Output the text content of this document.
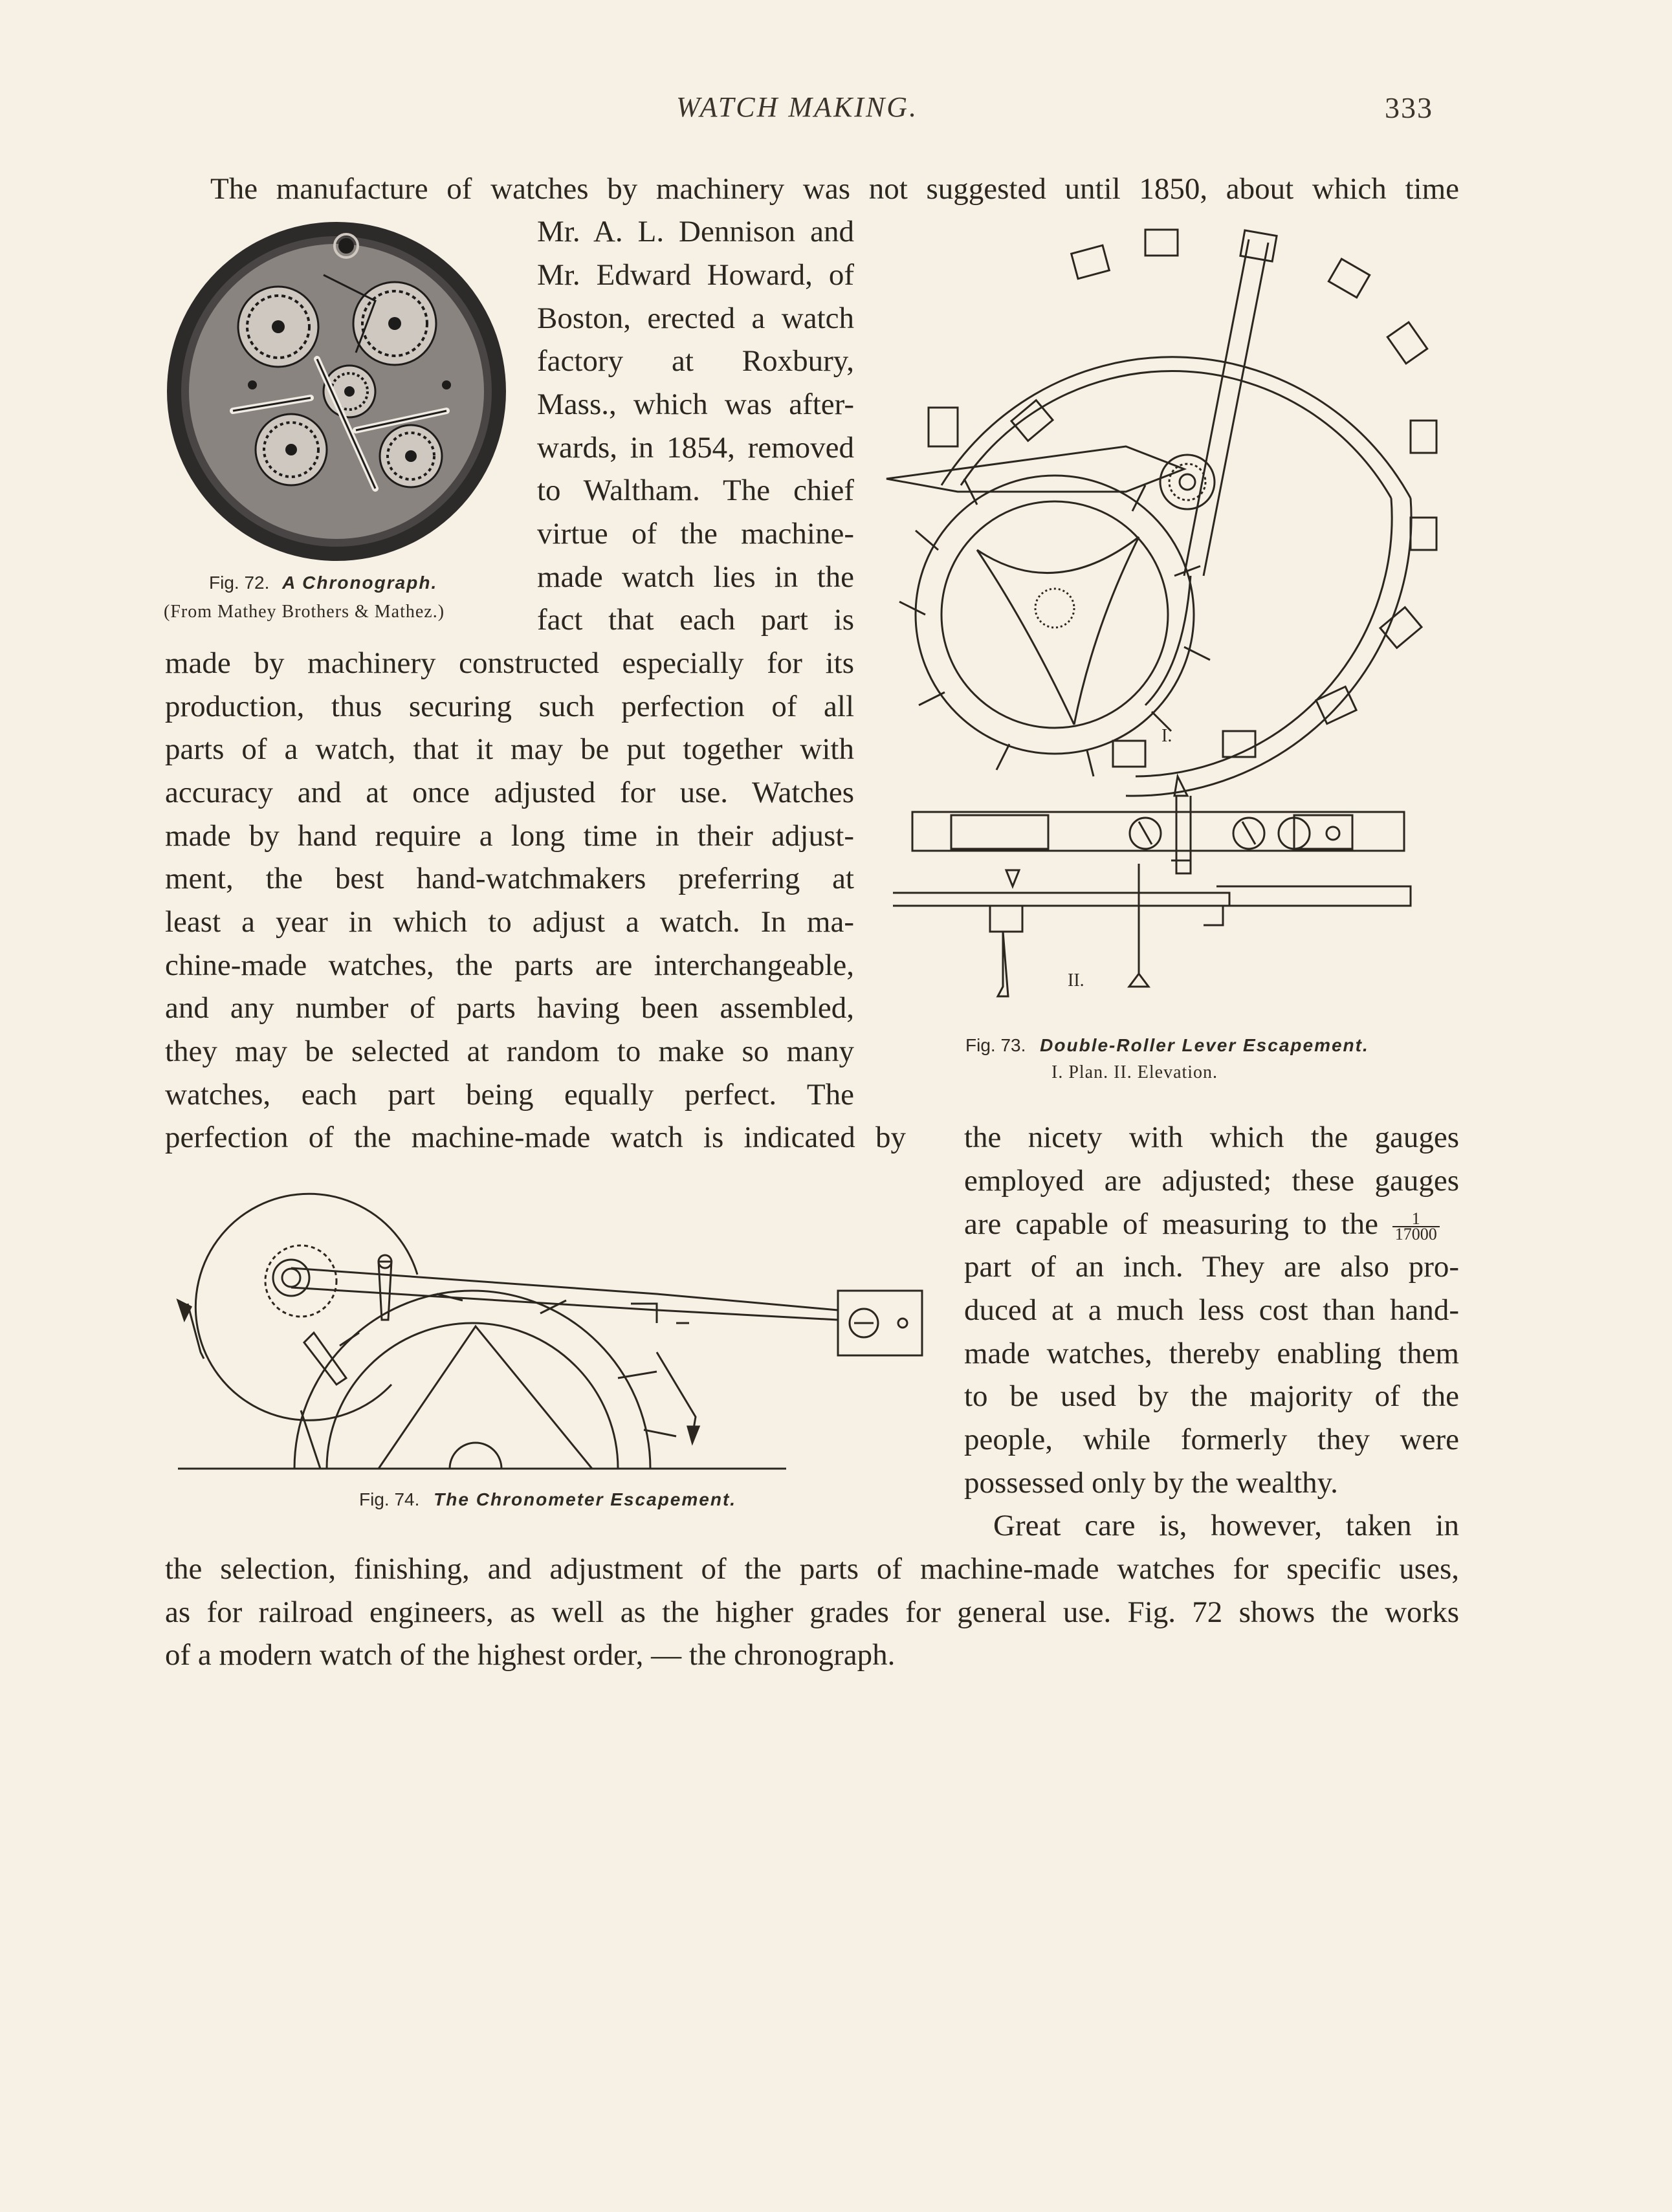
WATCH MAKING.	333
The manufacture of watches by machinery was not suggested until 1850, about which time
Mr. A. L. Dennison and
Mr. Edward Howard, of
Boston, erected a watch
factory at Roxbury,
Mass., which was after-
wards, in 1854, removed
to Waltham. The chief
virtue of the machine-
made watch lies in the
fact that each part is
made by machinery constructed especially for its
production, thus securing such perfection of all
parts of a watch, that it may be put together with
accuracy and at once adjusted for use. Watches
made by hand require a long time in their adjust-
ment, the best hand-watchmakers preferring at
least a year in which to adjust a watch. In ma-
chine-made watches, the parts are interchangeable,
and any number of parts having been assembled,
they may be selected at random to make so many
watches, each part being equally perfect. The
perfection of the machine-made watch is indicated by the nicety with which the gauges
employed are adjusted; these gauges
are capable of measuring to the $\frac{1}{17000}$
part of an inch. They are also pro-
duced at a much less cost than hand-
made watches, thereby enabling them
to be used by the majority of the
people, while formerly they were
possessed only by the wealthy.
Great care is, however, taken in
the selection, finishing, and adjustment of the parts of machine-made watches for specific uses,
as for railroad engineers, as well as the higher grades for general use. Fig. 72 shows the works
of a modern watch of the highest order, — the chronograph.
Fig. 72. A Chronograph.
(From Mathey Brothers & Mathez.)
I.
II.
Fig. 73. Double-Roller Lever Escapement.
I. Plan. II. Elevation.
Fig. 74. The Chronometer Escapement.
